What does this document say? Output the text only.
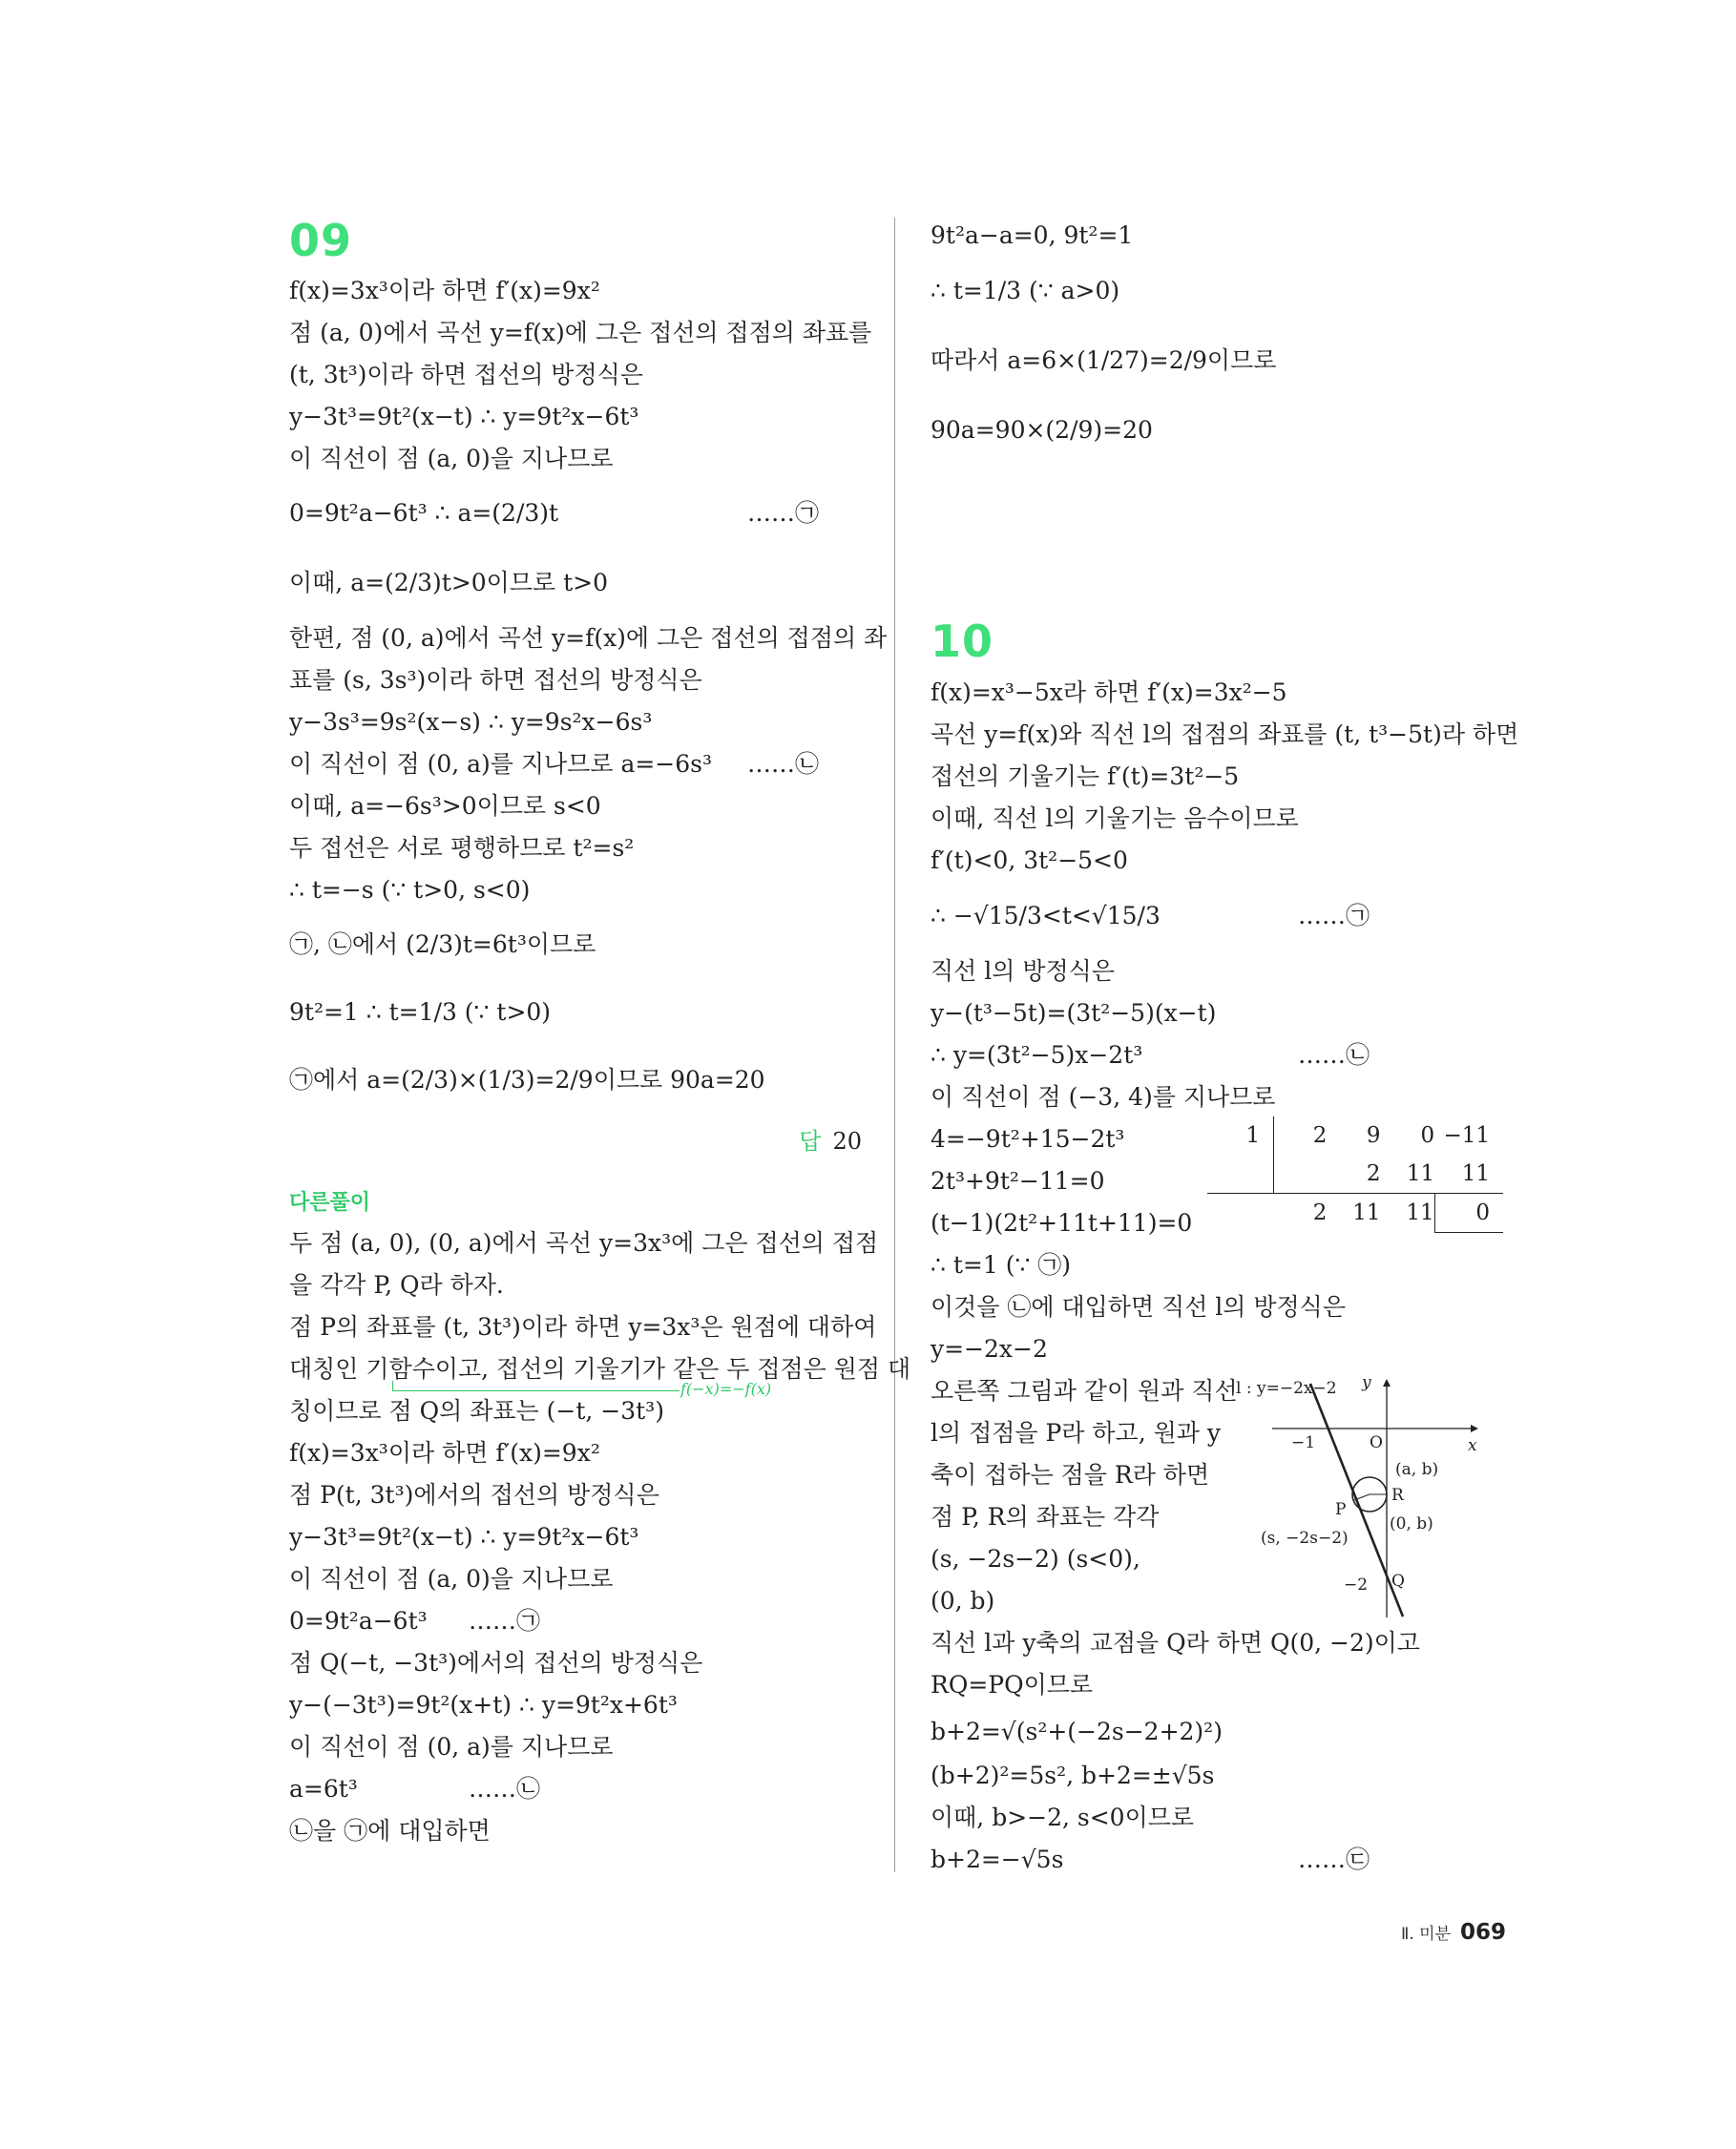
09
f(x)=3x³이라 하면 f′(x)=9x²
점 (a, 0)에서 곡선 y=f(x)에 그은 접선의 접점의 좌표를
(t, 3t³)이라 하면 접선의 방정식은
y−3t³=9t²(x−t) ∴ y=9t²x−6t³
이 직선이 점 (a, 0)을 지나므로
0=9t²a−6t³ ∴ a=(2/3)t	……㉠
이때, a=(2/3)t>0이므로 t>0
한편, 점 (0, a)에서 곡선 y=f(x)에 그은 접선의 접점의 좌
표를 (s, 3s³)이라 하면 접선의 방정식은
y−3s³=9s²(x−s) ∴ y=9s²x−6s³
이 직선이 점 (0, a)를 지나므로 a=−6s³ ……㉡
이때, a=−6s³>0이므로 s<0
두 접선은 서로 평행하므로 t²=s²
∴ t=−s (∵ t>0, s<0)
㉠, ㉡에서 (2/3)t=6t³이므로
9t²=1 ∴ t=1/3 (∵ t>0)
㉠에서 a=(2/3)×(1/3)=2/9이므로 90a=20
답 20
다른풀이
두 점 (a, 0), (0, a)에서 곡선 y=3x³에 그은 접선의 접점
을 각각 P, Q라 하자.
점 P의 좌표를 (t, 3t³)이라 하면 y=3x³은 원점에 대하여
대칭인 기함수이고, 접선의 기울기가 같은 두 접점은 원점 대
f(−x)=−f(x)
칭이므로 점 Q의 좌표는 (−t, −3t³)
f(x)=3x³이라 하면 f′(x)=9x²
점 P(t, 3t³)에서의 접선의 방정식은
y−3t³=9t²(x−t) ∴ y=9t²x−6t³
이 직선이 점 (a, 0)을 지나므로
0=9t²a−6t³ ……㉠
점 Q(−t, −3t³)에서의 접선의 방정식은
y−(−3t³)=9t²(x+t) ∴ y=9t²x+6t³
이 직선이 점 (0, a)를 지나므로
a=6t³	……㉡
㉡을 ㉠에 대입하면
9t²a−a=0, 9t²=1
∴ t=1/3 (∵ a>0)
따라서 a=6×(1/27)=2/9이므로
90a=90×(2/9)=20
10
f(x)=x³−5x라 하면 f′(x)=3x²−5
곡선 y=f(x)와 직선 l의 접점의 좌표를 (t, t³−5t)라 하면
접선의 기울기는 f′(t)=3t²−5
이때, 직선 l의 기울기는 음수이므로
f′(t)<0, 3t²−5<0
∴ −√15/3<t<√15/3	……㉠
직선 l의 방정식은
y−(t³−5t)=(3t²−5)(x−t)
∴ y=(3t²−5)x−2t³	……㉡
이 직선이 점 (−3, 4)를 지나므로
4=−9t²+15−2t³
2t³+9t²−11=0
(t−1)(2t²+11t+11)=0
1	2	9	0	−11
		2	11	11
	2	11	11	0
∴ t=1 (∵ ㉠)
이것을 ㉡에 대입하면 직선 l의 방정식은
y=−2x−2
오른쪽 그림과 같이 원과 직선
l의 접점을 P라 하고, 원과 y
축이 접하는 점을 R라 하면
점 P, R의 좌표는 각각
(s, −2s−2) (s<0),
(0, b)
직선 l과 y축의 교점을 Q라 하면 Q(0, −2)이고
RQ=PQ이므로
b+2=√(s²+(−2s−2+2)²)
(b+2)²=5s², b+2=±√5s
이때, b>−2, s<0이므로
b+2=−√5s	……㉢
l : y=−2x−2
x
y
O
−1
−2
(a, b)
R
(0, b)
P
(s, −2s−2)
Q
Ⅱ. 미분 069
